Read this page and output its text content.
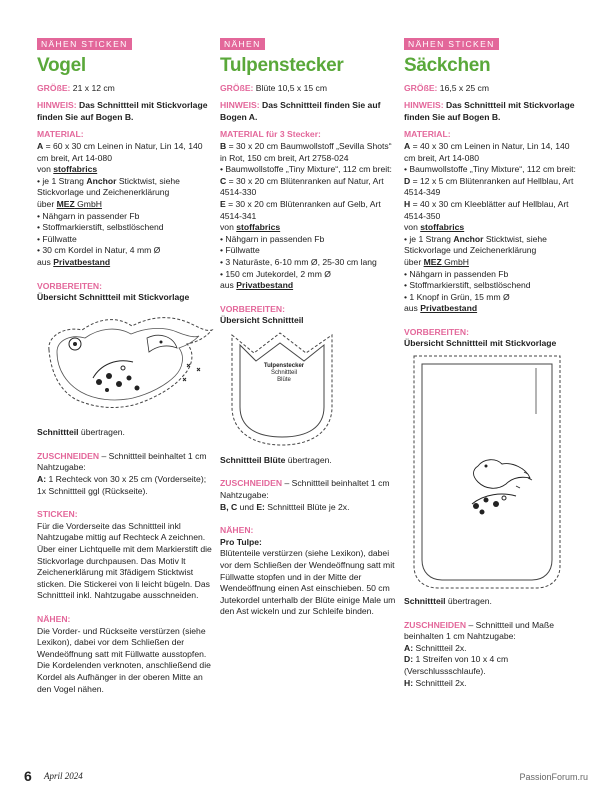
NÄHEN STICKEN
Vogel

GRÖßE: 21 x 12 cm

HINWEIS: Das Schnittteil mit Stickvorlage finden Sie auf Bogen B.

MATERIAL:
A = 60 x 30 cm Leinen in Natur, Lin 14, 140 cm breit, Art 14-080
von stoffabrics
• je 1 Strang Anchor Sticktwist, siehe Stickvorlage und Zeichenerklärung
über MEZ GmbH
• Nähgarn in passender Fb
• Stoffmarkierstift, selbstlöschend
• Füllwatte
• 30 cm Kordel in Natur, 4 mm Ø

aus Privatbestand

VORBEREITEN:
Übersicht Schnittteil mit Stickvorlage

Schnittteil übertragen.

ZUSCHNEIDEN – Schnittteil beinhaltet 1 cm Nahtzugabe:

A: 1 Rechteck von 30 x 25 cm (Vorderseite); 1x Schnittteil ggl (Rückseite).

STICKEN:

Für die Vorderseite das Schnittteil inkl Nahtzugabe mittig auf Rechteck A zeichnen. Über einer Lichtquelle mit dem Markierstift die Stickvorlage durchpausen. Das Motiv lt Zeichenerklärung mit 3fädigem Sticktwist sticken. Die Stickerei von li leicht bügeln. Das Schnittteil inkl. Nahtzugabe ausschneiden.

NÄHEN:

Die Vorder- und Rückseite verstürzen (siehe Lexikon), dabei vor dem Schließen der Wendeöffnung satt mit Füllwatte ausstopfen. Die Kordelenden verknoten, anschließend die Kordel als Aufhänger in der oberen Mitte an den Vogel nähen.

NÄHEN
Tulpenstecker

GRÖßE: Blüte 10,5 x 15 cm

HINWEIS: Das Schnittteil finden Sie auf Bogen A.

MATERIAL für 3 Stecker:
B = 30 x 20 cm Baumwollstoff „Sevilla Shots“ in Rot, 150 cm breit, Art 2758-024
• Baumwollstoffe „Tiny Mixture“, 112 cm breit:
C = 30 x 20 cm Blütenranken auf Natur, Art 4514-330
E = 30 x 20 cm Blütenranken auf Gelb, Art 4514-341
von stoffabrics
• Nähgarn in passenden Fb
• Füllwatte
• 3 Naturäste, 6-10 mm Ø, 25-30 cm lang
• 150 cm Jutekordel, 2 mm Ø

aus Privatbestand

VORBEREITEN:
Übersicht Schnittteil
Tulpenstecker
Schnittteil
Blüte

Schnittteil Blüte übertragen.

ZUSCHNEIDEN – Schnittteil beinhaltet 1 cm Nahtzugabe:

B, C und E: Schnittteil Blüte je 2x.

NÄHEN:
Pro Tulpe:

Blütenteile verstürzen (siehe Lexikon), dabei vor dem Schließen der Wendeöffnung satt mit Füllwatte stopfen und in der Mitte der Wendeöffnung einen Ast einschieben. 50 cm Jutekordel unterhalb der Blüte einige Male um den Ast wickeln und zur Schleife binden.

NÄHEN STICKEN
Säckchen

GRÖßE: 16,5 x 25 cm

HINWEIS: Das Schnittteil mit Stickvorlage finden Sie auf Bogen B.

MATERIAL:
A = 40 x 30 cm Leinen in Natur, Lin 14, 140 cm breit, Art 14-080
• Baumwollstoffe „Tiny Mixture“, 112 cm breit:
D = 12 x 5 cm Blütenranken auf Hellblau, Art 4514-349
H = 40 x 30 cm Kleeblätter auf Hellblau, Art 4514-350
von stoffabrics
• je 1 Strang Anchor Sticktwist, siehe Stickvorlage und Zeichenerklärung
über MEZ GmbH
• Nähgarn in passenden Fb
• Stoffmarkierstift, selbstlöschend
• 1 Knopf in Grün, 15 mm Ø

aus Privatbestand

VORBEREITEN:
Übersicht Schnittteil mit Stickvorlage

Schnittteil übertragen.

ZUSCHNEIDEN – Schnittteil und Maße beinhalten 1 cm Nahtzugabe:
A: Schnittteil 2x.
D: 1 Streifen von 10 x 4 cm (Verschlussschlaufe).
H: Schnittteil 2x.
6 April 2024	PassionForum.ru
